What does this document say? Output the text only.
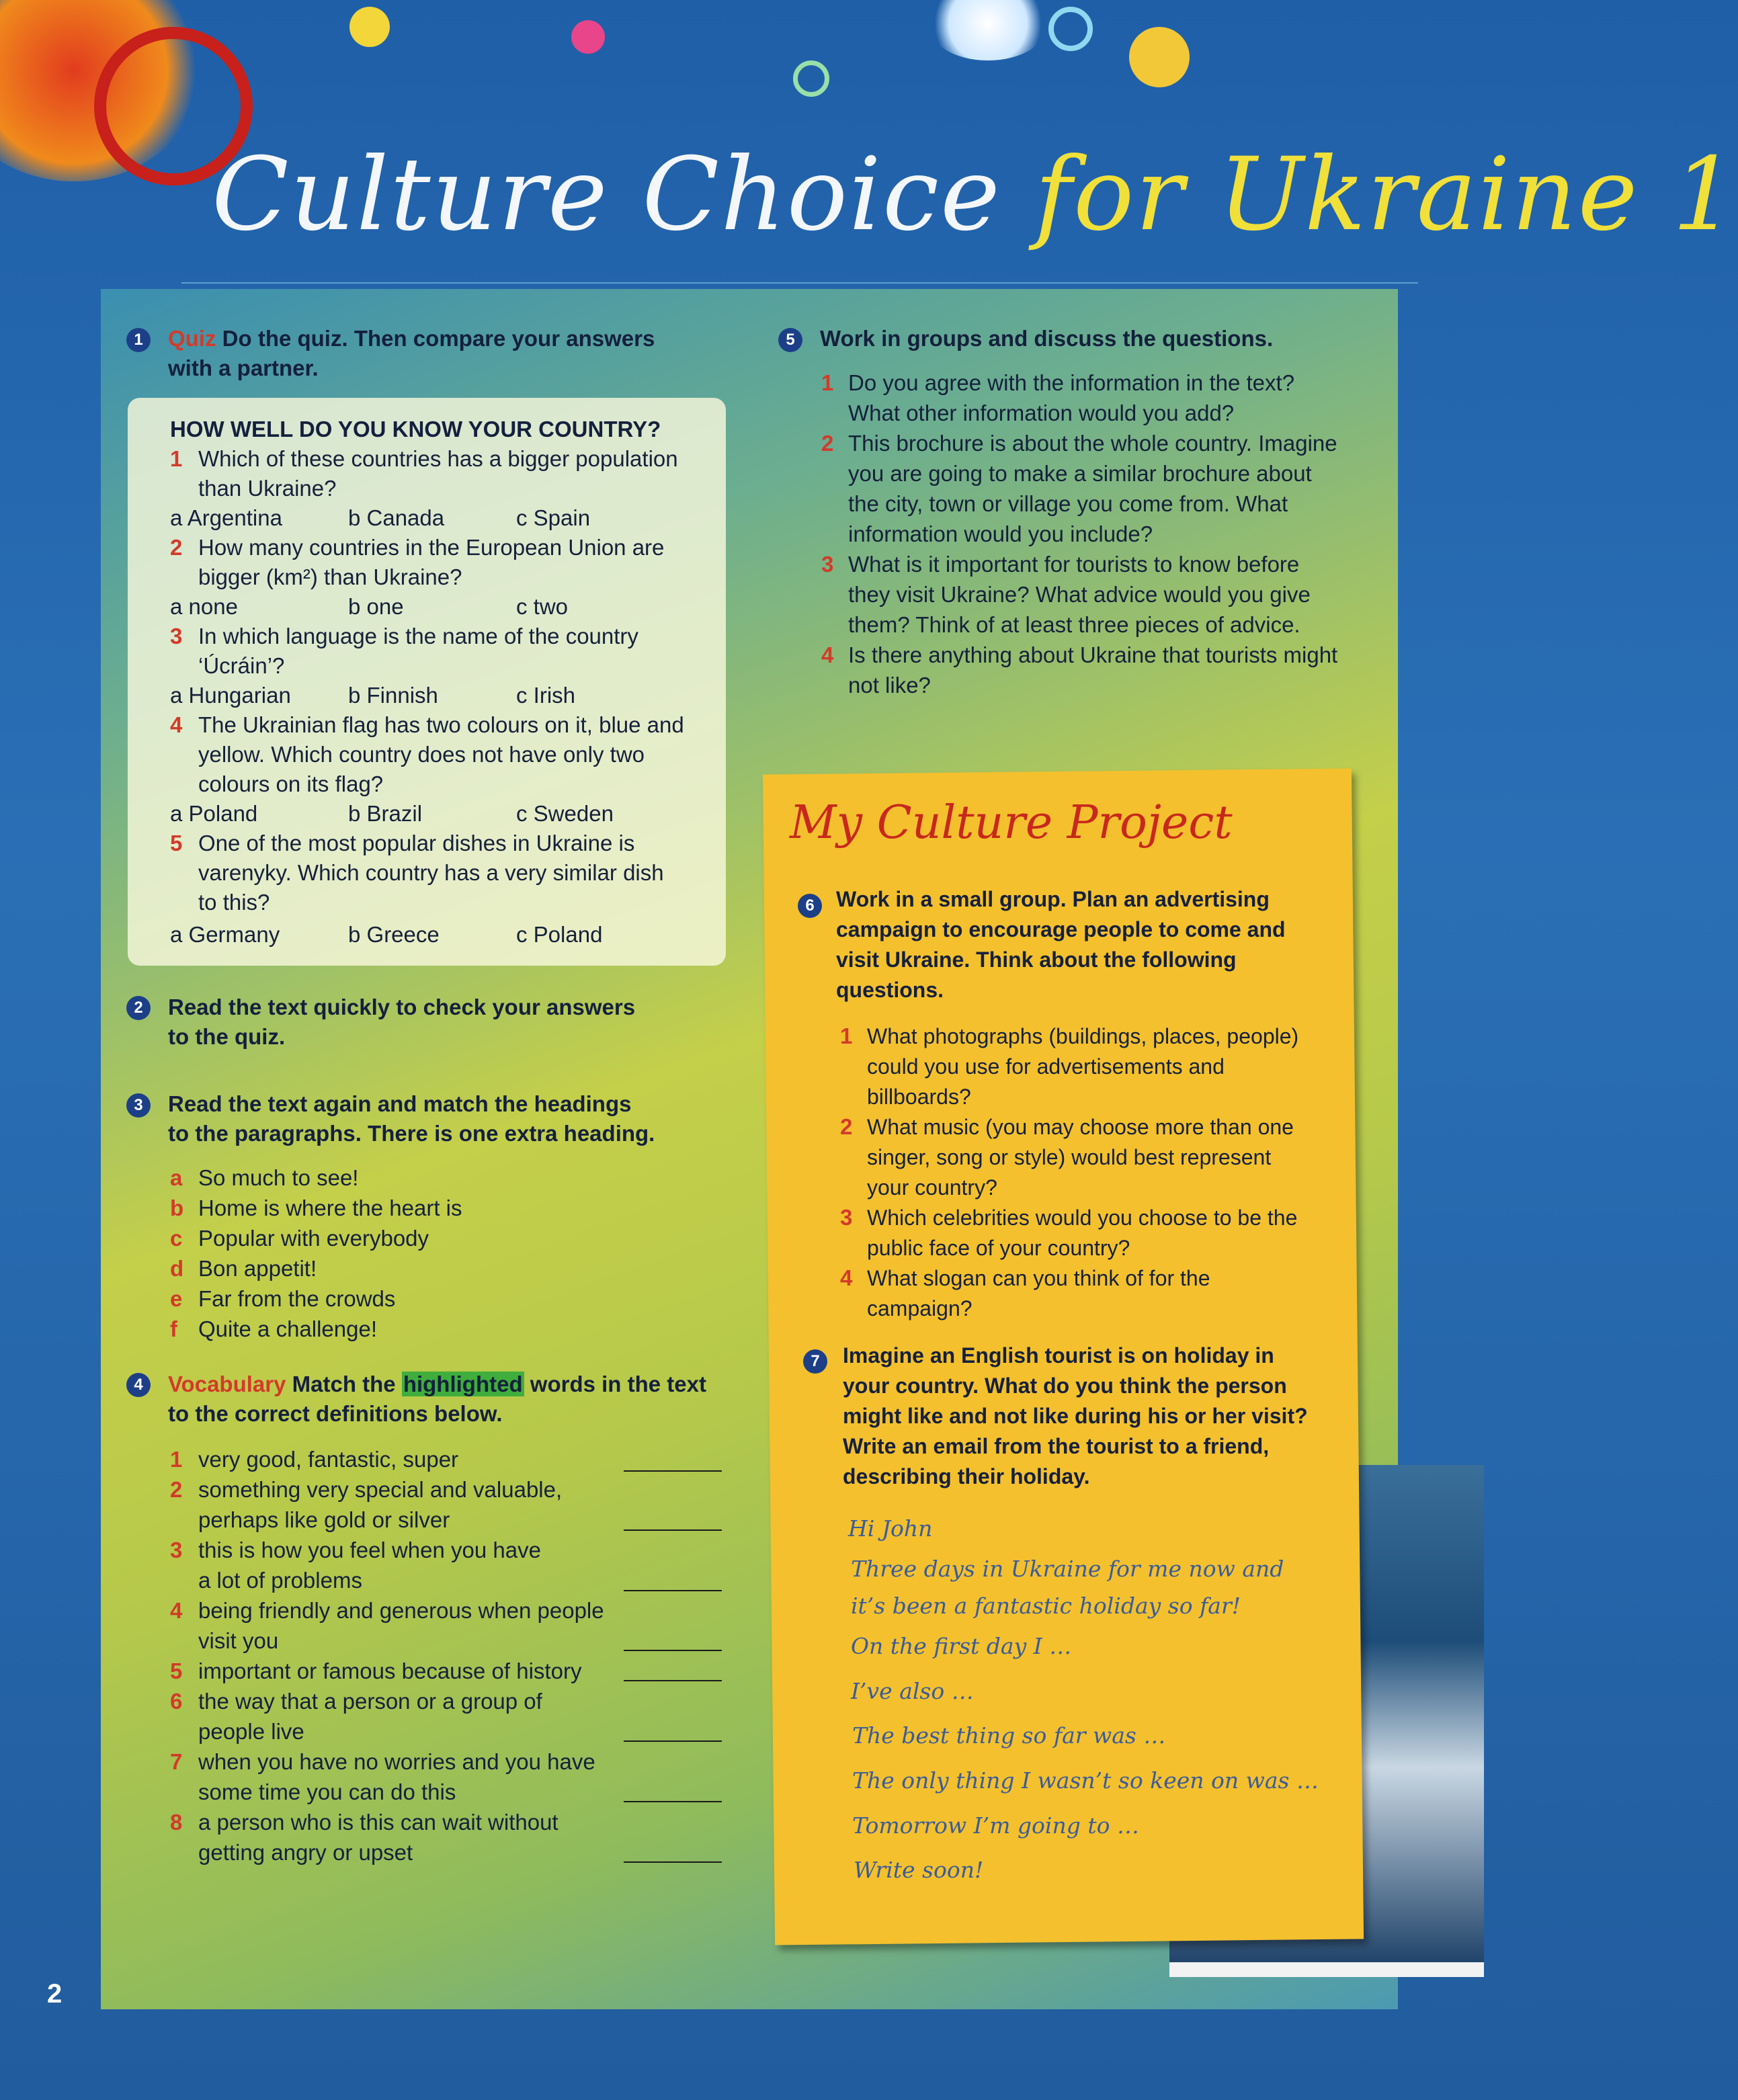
Culture Choice for Ukraine 1
1	Quiz Do the quiz. Then compare your answers
with a partner.
HOW WELL DO YOU KNOW YOUR COUNTRY?
1 Which of these countries has a bigger population
than Ukraine?
a Argentina	b Canada	c Spain
2 How many countries in the European Union are
bigger (km²) than Ukraine?
a none	b one	c two
3 In which language is the name of the country
‘Úcráin’?
a Hungarian	b Finnish	c Irish
4 The Ukrainian flag has two colours on it, blue and
yellow. Which country does not have only two
colours on its flag?
a Poland	b Brazil	c Sweden
5 One of the most popular dishes in Ukraine is
varenyky. Which country has a very similar dish
to this?
a Germany	b Greece	c Poland
2	Read the text quickly to check your answers
to the quiz.
3	Read the text again and match the headings
to the paragraphs. There is one extra heading.
a So much to see!
b Home is where the heart is
c Popular with everybody
d Bon appetit!
e Far from the crowds
f Quite a challenge!
4	Vocabulary Match the highlighted words in the text
to the correct definitions below.
1 very good, fantastic, super
2 something very special and valuable,
perhaps like gold or silver
3 this is how you feel when you have
a lot of problems
4 being friendly and generous when people
visit you
5 important or famous because of history
6 the way that a person or a group of
people live
7 when you have no worries and you have
some time you can do this
8 a person who is this can wait without
getting angry or upset
5	Work in groups and discuss the questions.
1 Do you agree with the information in the text?
What other information would you add?
2 This brochure is about the whole country. Imagine
you are going to make a similar brochure about
the city, town or village you come from. What
information would you include?
3 What is it important for tourists to know before
they visit Ukraine? What advice would you give
them? Think of at least three pieces of advice.
4 Is there anything about Ukraine that tourists might
not like?
My Culture Project
6	Work in a small group. Plan an advertising
campaign to encourage people to come and
visit Ukraine. Think about the following
questions.
1 What photographs (buildings, places, people)
could you use for advertisements and
billboards?
2 What music (you may choose more than one
singer, song or style) would best represent
your country?
3 Which celebrities would you choose to be the
public face of your country?
4 What slogan can you think of for the
campaign?
7	Imagine an English tourist is on holiday in
your country. What do you think the person
might like and not like during his or her visit?
Write an email from the tourist to a friend,
describing their holiday.
Hi John
Three days in Ukraine for me now and
it’s been a fantastic holiday so far!
On the first day I …
I’ve also …
The best thing so far was …
The only thing I wasn’t so keen on was …
Tomorrow I’m going to …
Write soon!
2
